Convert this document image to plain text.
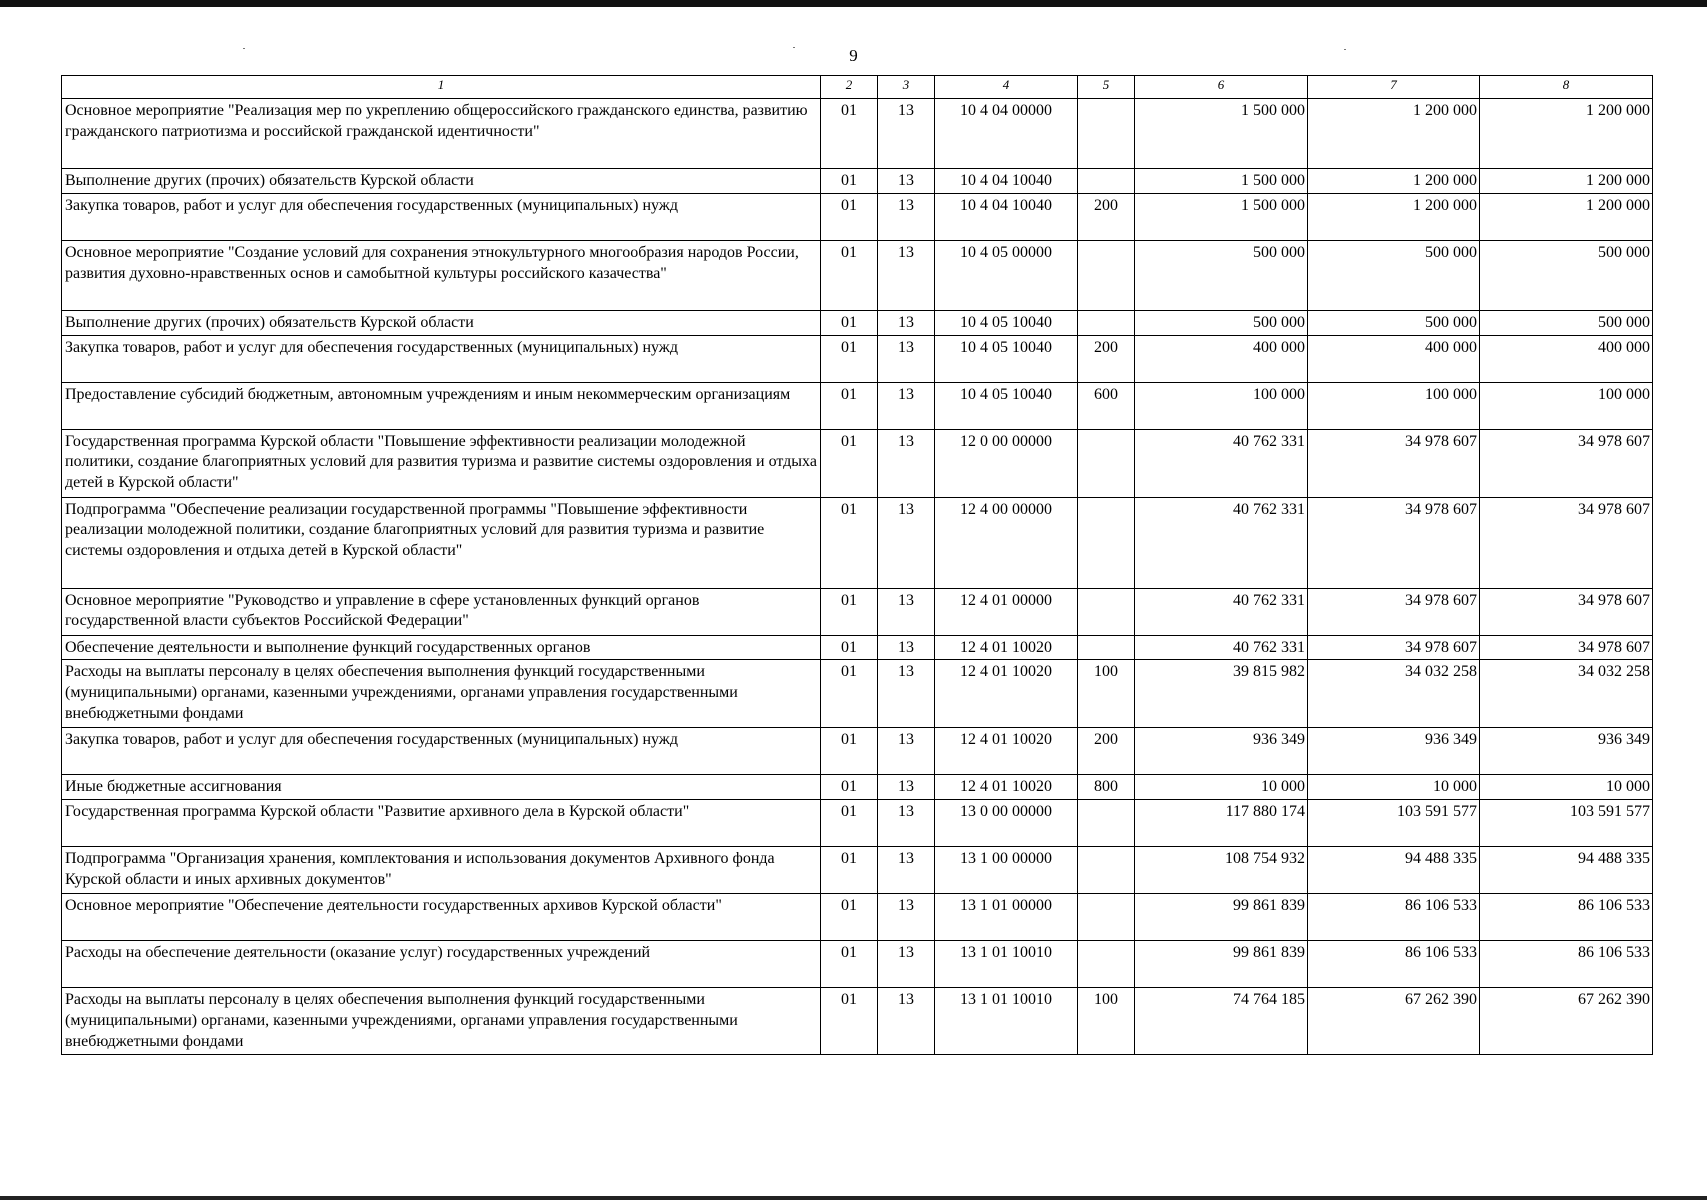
9
1	2	3	4	5	6	7	8
Основное мероприятие "Реализация мер по укреплению общероссийского гражданского единства, развитию гражданского патриотизма и российской гражданской идентичности"	01	13	10 4 04 00000		1 500 000	1 200 000	1 200 000
Выполнение других (прочих) обязательств Курской области	01	13	10 4 04 10040		1 500 000	1 200 000	1 200 000
Закупка товаров, работ и услуг для обеспечения государственных (муниципальных) нужд	01	13	10 4 04 10040	200	1 500 000	1 200 000	1 200 000
Основное мероприятие "Создание условий для сохранения этнокультурного многообразия народов России, развития духовно-нравственных основ и самобытной культуры российского казачества"	01	13	10 4 05 00000		500 000	500 000	500 000
Выполнение других (прочих) обязательств Курской области	01	13	10 4 05 10040		500 000	500 000	500 000
Закупка товаров, работ и услуг для обеспечения государственных (муниципальных) нужд	01	13	10 4 05 10040	200	400 000	400 000	400 000
Предоставление субсидий бюджетным, автономным учреждениям и иным некоммерческим организациям	01	13	10 4 05 10040	600	100 000	100 000	100 000
Государственная программа Курской области "Повышение эффективности реализации молодежной политики, создание благоприятных условий для развития туризма и развитие системы оздоровления и отдыха детей в Курской области"	01	13	12 0 00 00000		40 762 331	34 978 607	34 978 607
Подпрограмма "Обеспечение реализации государственной программы "Повышение эффективности реализации молодежной политики, создание благоприятных условий для развития туризма и развитие системы оздоровления и отдыха детей в Курской области"	01	13	12 4 00 00000		40 762 331	34 978 607	34 978 607
Основное мероприятие "Руководство и управление в сфере установленных функций органов государственной власти субъектов Российской Федерации"	01	13	12 4 01 00000		40 762 331	34 978 607	34 978 607
Обеспечение деятельности и выполнение функций государственных органов	01	13	12 4 01 10020		40 762 331	34 978 607	34 978 607
Расходы на выплаты персоналу в целях обеспечения выполнения функций государственными (муниципальными) органами, казенными учреждениями, органами управления государственными внебюджетными фондами	01	13	12 4 01 10020	100	39 815 982	34 032 258	34 032 258
Закупка товаров, работ и услуг для обеспечения государственных (муниципальных) нужд	01	13	12 4 01 10020	200	936 349	936 349	936 349
Иные бюджетные ассигнования	01	13	12 4 01 10020	800	10 000	10 000	10 000
Государственная программа Курской области "Развитие архивного дела в Курской области"	01	13	13 0 00 00000		117 880 174	103 591 577	103 591 577
Подпрограмма "Организация хранения, комплектования и использования документов Архивного фонда Курской области и иных архивных документов"	01	13	13 1 00 00000		108 754 932	94 488 335	94 488 335
Основное мероприятие "Обеспечение деятельности государственных архивов Курской области"	01	13	13 1 01 00000		99 861 839	86 106 533	86 106 533
Расходы на обеспечение деятельности (оказание услуг) государственных учреждений	01	13	13 1 01 10010		99 861 839	86 106 533	86 106 533
Расходы на выплаты персоналу в целях обеспечения выполнения функций государственными (муниципальными) органами, казенными учреждениями, органами управления государственными внебюджетными фондами	01	13	13 1 01 10010	100	74 764 185	67 262 390	67 262 390
